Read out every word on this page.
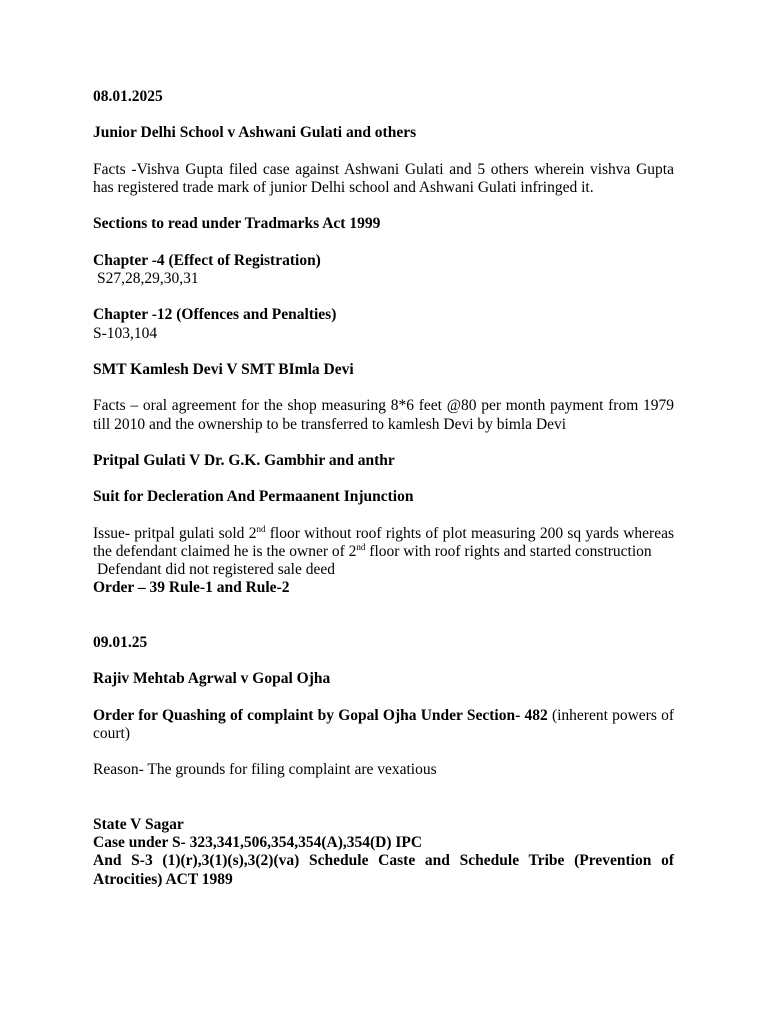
08.01.2025

Junior Delhi School v Ashwani Gulati and others

Facts -Vishva Gupta filed case against Ashwani Gulati and 5 others wherein vishva Gupta has registered trade mark of junior Delhi school and Ashwani Gulati infringed it.

Sections to read under Tradmarks Act 1999

Chapter -4 (Effect of Registration)

S27,28,29,30,31

Chapter -12 (Offences and Penalties)

S-103,104

SMT Kamlesh Devi V SMT BImla Devi

Facts – oral agreement for the shop measuring 8*6 feet @80 per month payment from 1979 till 2010 and the ownership to be transferred to kamlesh Devi by bimla Devi

Pritpal Gulati V Dr. G.K. Gambhir and anthr

Suit for Decleration And Permaanent Injunction

Issue- pritpal gulati sold 2nd floor without roof rights of plot measuring 200 sq yards whereas the defendant claimed he is the owner of 2nd floor with roof rights and started construction

Defendant did not registered sale deed

Order – 39 Rule-1 and Rule-2

09.01.25

Rajiv Mehtab Agrwal v Gopal Ojha

Order for Quashing of complaint by Gopal Ojha Under Section- 482 (inherent powers of court)

Reason- The grounds for filing complaint are vexatious

State V Sagar

Case under S- 323,341,506,354,354(A),354(D) IPC

And S-3 (1)(r),3(1)(s),3(2)(va) Schedule Caste and Schedule Tribe (Prevention of Atrocities) ACT 1989
